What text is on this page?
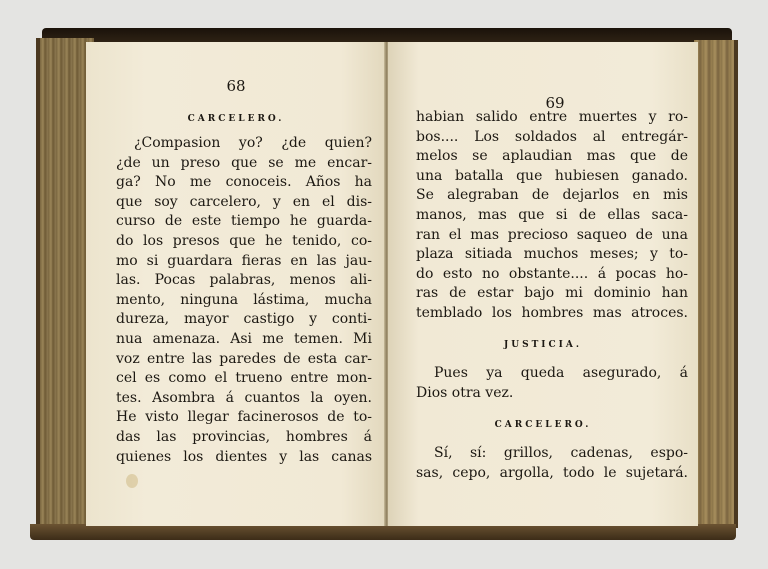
68
CARCELERO.
¿Compasion yo? ¿de quien?
¿de un preso que se me encar-
ga? No me conoceis. Años ha
que soy carcelero, y en el dis-
curso de este tiempo he guarda-
do los presos que he tenido, co-
mo si guardara fieras en las jau-
las. Pocas palabras, menos ali-
mento, ninguna lástima, mucha
dureza, mayor castigo y conti-
nua amenaza. Asi me temen. Mi
voz entre las paredes de esta car-
cel es como el trueno entre mon-
tes. Asombra á cuantos la oyen.
He visto llegar facinerosos de to-
das las provincias, hombres á
quienes los dientes y las canas
69
habian salido entre muertes y ro-
bos.... Los soldados al entregár-
melos se aplaudian mas que de
una batalla que hubiesen ganado.
Se alegraban de dejarlos en mis
manos, mas que si de ellas saca-
ran el mas precioso saqueo de una
plaza sitiada muchos meses; y to-
do esto no obstante.... á pocas ho-
ras de estar bajo mi dominio han
temblado los hombres mas atroces.
JUSTICIA.
Pues ya queda asegurado, á
Dios otra vez.
CARCELERO.
Sí, sí: grillos, cadenas, espo-
sas, cepo, argolla, todo le sujetará.
